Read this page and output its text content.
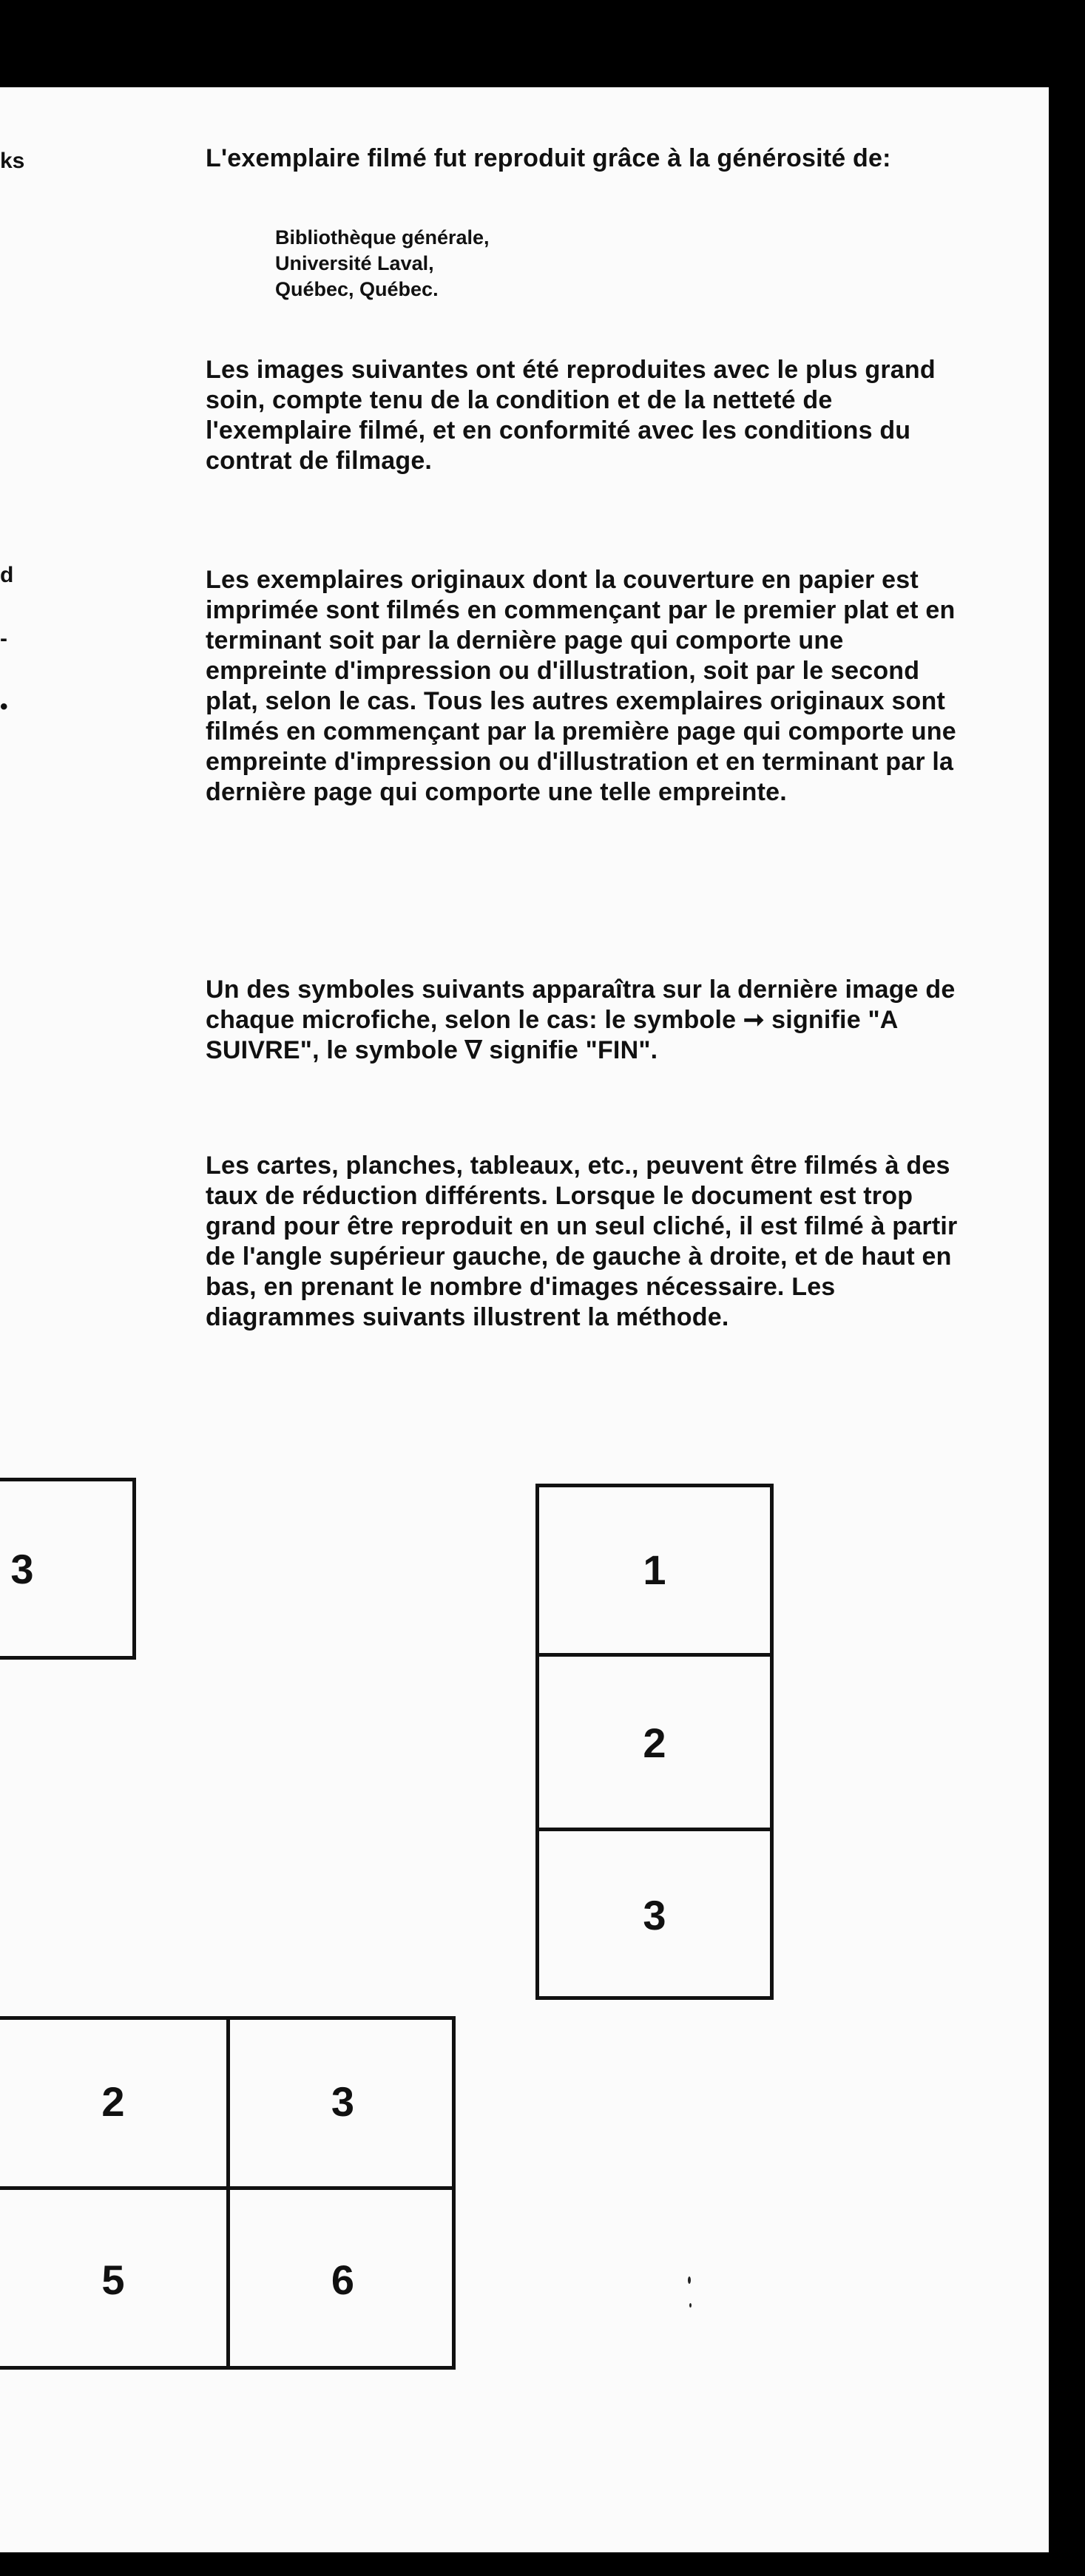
ks
d
-
•

L'exemplaire filmé fut reproduit grâce à la générosité de:

Bibliothèque générale,
Université Laval,
Québec, Québec.

Les images suivantes ont été reproduites avec le plus grand soin, compte tenu de la condition et de la netteté de l'exemplaire filmé, et en conformité avec les conditions du contrat de filmage.

Les exemplaires originaux dont la couverture en papier est imprimée sont filmés en commençant par le premier plat et en terminant soit par la dernière page qui comporte une empreinte d'impression ou d'illustration, soit par le second plat, selon le cas. Tous les autres exemplaires originaux sont filmés en commençant par la première page qui comporte une empreinte d'impression ou d'illustration et en terminant par la dernière page qui comporte une telle empreinte.

Un des symboles suivants apparaîtra sur la dernière image de chaque microfiche, selon le cas: le symbole ➞ signifie "A SUIVRE", le symbole ∇ signifie "FIN".

Les cartes, planches, tableaux, etc., peuvent être filmés à des taux de réduction différents. Lorsque le document est trop grand pour être reproduit en un seul cliché, il est filmé à partir de l'angle supérieur gauche, de gauche à droite, et de haut en bas, en prenant le nombre d'images nécessaire. Les diagrammes suivants illustrent la méthode.

3	1
2
3
2	3
5	6
